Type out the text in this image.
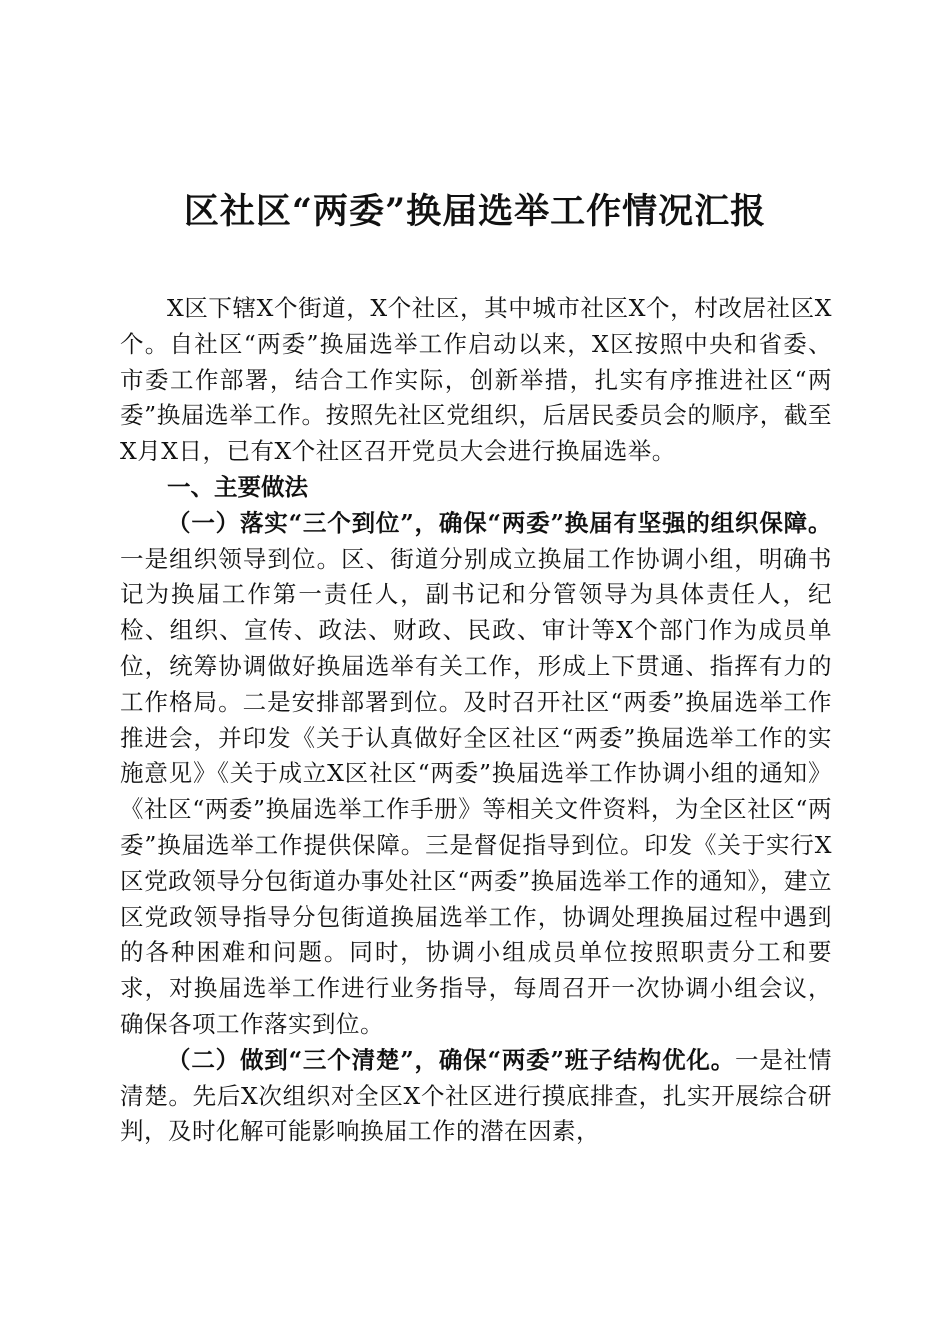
区社区“两委”换届选举工作情况汇报

X区下辖X个街道，X个社区，其中城市社区X个，村改居社区X个。自社区“两委”换届选举工作启动以来，X区按照中央和省委、市委工作部署，结合工作实际，创新举措，扎实有序推进社区“两委”换届选举工作。按照先社区党组织，后居民委员会的顺序，截至X月X日，已有X个社区召开党员大会进行换届选举。

一、主要做法

（一）落实“三个到位”，确保“两委”换届有坚强的组织保障。一是组织领导到位。区、街道分别成立换届工作协调小组，明确书记为换届工作第一责任人，副书记和分管领导为具体责任人，纪检、组织、宣传、政法、财政、民政、审计等X个部门作为成员单位，统筹协调做好换届选举有关工作，形成上下贯通、指挥有力的工作格局。二是安排部署到位。及时召开社区“两委”换届选举工作推进会，并印发《关于认真做好全区社区“两委”换届选举工作的实施意见》《关于成立X区社区“两委”换届选举工作协调小组的通知》《社区“两委”换届选举工作手册》等相关文件资料，为全区社区“两委”换届选举工作提供保障。三是督促指导到位。印发《关于实行X区党政领导分包街道办事处社区“两委”换届选举工作的通知》，建立区党政领导指导分包街道换届选举工作，协调处理换届过程中遇到的各种困难和问题。同时，协调小组成员单位按照职责分工和要求，对换届选举工作进行业务指导，每周召开一次协调小组会议，确保各项工作落实到位。

（二）做到“三个清楚”，确保“两委”班子结构优化。一是社情清楚。先后X次组织对全区X个社区进行摸底排查，扎实开展综合研判，及时化解可能影响换届工作的潜在因素，
